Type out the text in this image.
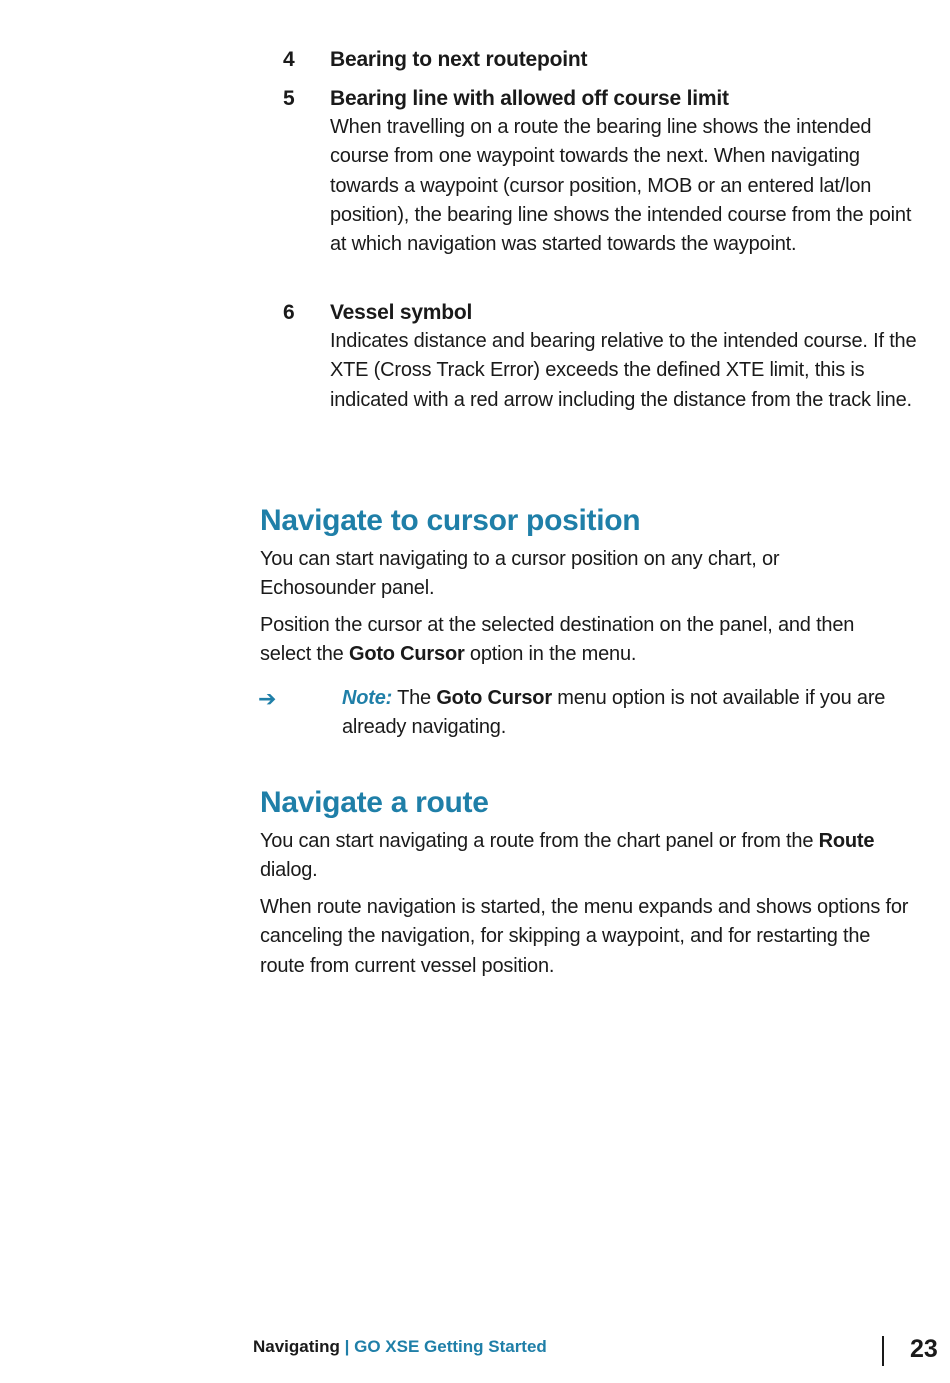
4 Bearing to next routepoint
5 Bearing line with allowed off course limit
When travelling on a route the bearing line shows the intended course from one waypoint towards the next. When navigating towards a waypoint (cursor position, MOB or an entered lat/lon position), the bearing line shows the intended course from the point at which navigation was started towards the waypoint.
6 Vessel symbol
Indicates distance and bearing relative to the intended course. If the XTE (Cross Track Error) exceeds the defined XTE limit, this is indicated with a red arrow including the distance from the track line.
Navigate to cursor position

You can start navigating to a cursor position on any chart, or Echosounder panel.

Position the cursor at the selected destination on the panel, and then select the Goto Cursor option in the menu.

➔	Note: The Goto Cursor menu option is not available if you are already navigating.
Navigate a route

You can start navigating a route from the chart panel or from the Route dialog.

When route navigation is started, the menu expands and shows options for canceling the navigation, for skipping a waypoint, and for restarting the route from current vessel position.

Navigating | GO XSE Getting Started	23
